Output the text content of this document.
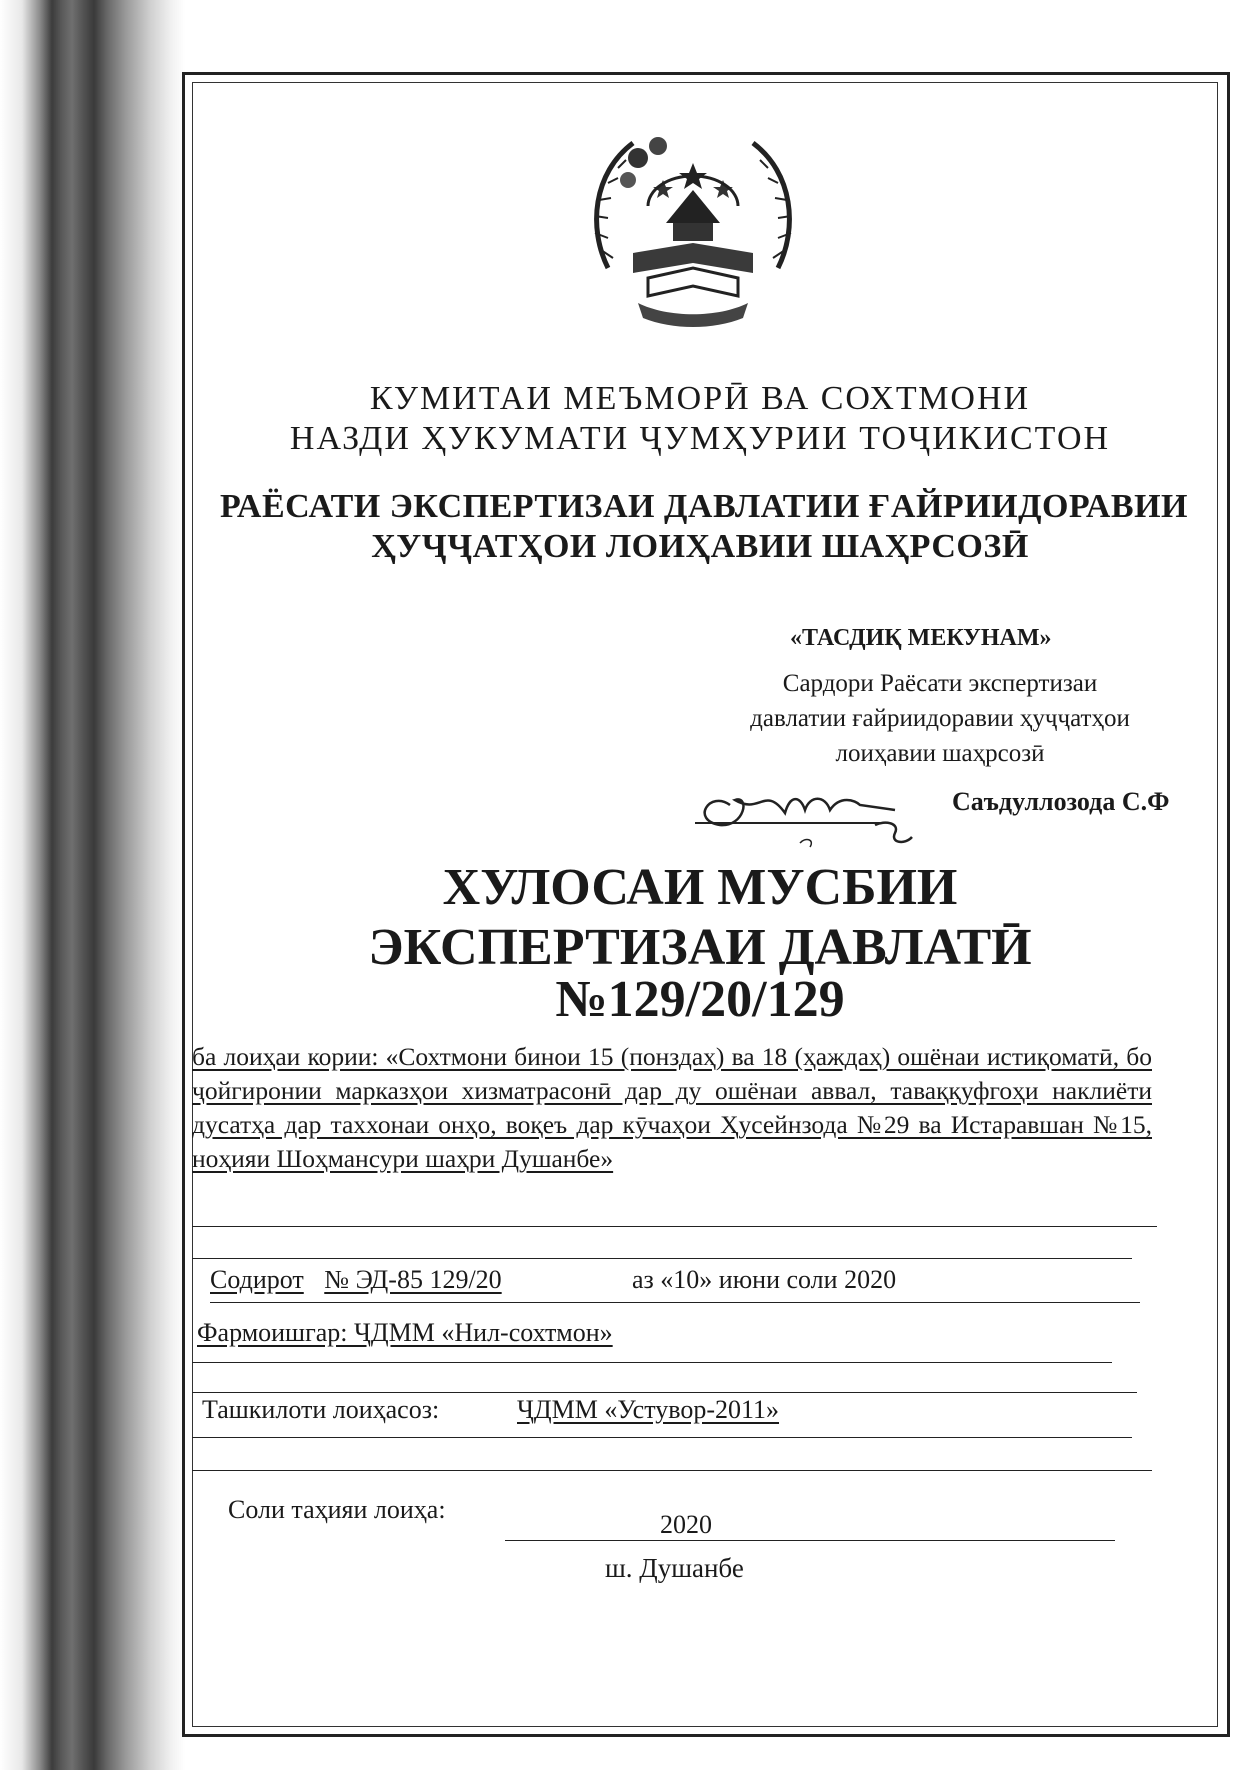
КУМИТАИ МЕЪМОРӢ ВА СОХТМОНИ
НАЗДИ ҲУКУМАТИ ҶУМҲУРИИ ТОҶИКИСТОН
РАЁСАТИ ЭКСПЕРТИЗАИ ДАВЛАТИИ ҒАЙРИИДОРАВИИ
ҲУҶҶАТҲОИ ЛОИҲАВИИ ШАҲРСОЗӢ
«ТАСДИҚ МЕКУНАМ»
Сардори Раёсати экспертизаи
давлатии ғайриидоравии ҳуҷҷатҳои
лоиҳавии шаҳрсозӣ
Саъдуллозода С.Ф
ХУЛОСАИ МУСБИИ
ЭКСПЕРТИЗАИ ДАВЛАТӢ
№129/20/129
ба лоиҳаи кории: «Сохтмони бинои 15 (понздаҳ) ва 18 (ҳаждаҳ) ошёнаи истиқоматӣ, бо ҷойгиронии марказҳои хизматрасонӣ дар ду ошёнаи аввал, таваққуфгоҳи наклиёти дусатҳа дар таххонаи онҳо, воқеъ дар кӯчаҳои Ҳусейнзода №29 ва Истаравшан №15, ноҳияи Шоҳмансури шаҳри Душанбе»
Содирот № ЭД-85 129/20	аз «10» июни соли 2020
Фармоишгар: ҶДММ «Нил-сохтмон»
Ташкилоти лоиҳасоз:	ҶДММ «Устувор-2011»
Соли таҳияи лоиҳа:
2020
ш. Душанбе
